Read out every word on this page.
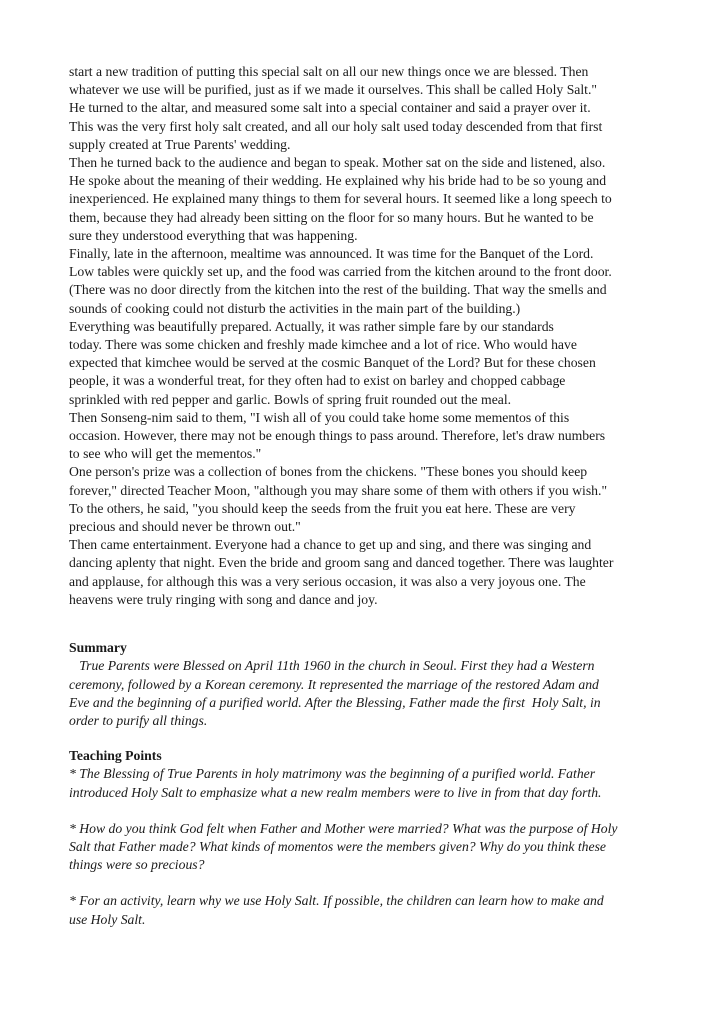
start a new tradition of putting this special salt on all our new things once we are blessed. Then
whatever we use will be purified, just as if we made it ourselves. This shall be called Holy Salt."
He turned to the altar, and measured some salt into a special container and said a prayer over it.
This was the very first holy salt created, and all our holy salt used today descended from that first
supply created at True Parents' wedding.
Then he turned back to the audience and began to speak. Mother sat on the side and listened, also.
He spoke about the meaning of their wedding. He explained why his bride had to be so young and
inexperienced. He explained many things to them for several hours. It seemed like a long speech to
them, because they had already been sitting on the floor for so many hours. But he wanted to be
sure they understood everything that was happening.
Finally, late in the afternoon, mealtime was announced. It was time for the Banquet of the Lord.
Low tables were quickly set up, and the food was carried from the kitchen around to the front door.
(There was no door directly from the kitchen into the rest of the building. That way the smells and
sounds of cooking could not disturb the activities in the main part of the building.)
Everything was beautifully prepared. Actually, it was rather simple fare by our standards
today. There was some chicken and freshly made kimchee and a lot of rice. Who would have
expected that kimchee would be served at the cosmic Banquet of the Lord? But for these chosen
people, it was a wonderful treat, for they often had to exist on barley and chopped cabbage
sprinkled with red pepper and garlic. Bowls of spring fruit rounded out the meal.
Then Sonseng-nim said to them, "I wish all of you could take home some mementos of this
occasion. However, there may not be enough things to pass around. Therefore, let's draw numbers
to see who will get the mementos."
One person's prize was a collection of bones from the chickens. "These bones you should keep
forever," directed Teacher Moon, "although you may share some of them with others if you wish."
To the others, he said, "you should keep the seeds from the fruit you eat here. These are very
precious and should never be thrown out."
Then came entertainment. Everyone had a chance to get up and sing, and there was singing and
dancing aplenty that night. Even the bride and groom sang and danced together. There was laughter
and applause, for although this was a very serious occasion, it was also a very joyous one. The
heavens were truly ringing with song and dance and joy.
Summary
True Parents were Blessed on April 11th 1960 in the church in Seoul. First they had a Western
ceremony, followed by a Korean ceremony. It represented the marriage of the restored Adam and
Eve and the beginning of a purified world. After the Blessing, Father made the first  Holy Salt, in
order to purify all things.
Teaching Points
* The Blessing of True Parents in holy matrimony was the beginning of a purified world. Father
introduced Holy Salt to emphasize what a new realm members were to live in from that day forth.
* How do you think God felt when Father and Mother were married? What was the purpose of Holy
Salt that Father made? What kinds of momentos were the members given? Why do you think these
things were so precious?
* For an activity, learn why we use Holy Salt. If possible, the children can learn how to make and
use Holy Salt.
